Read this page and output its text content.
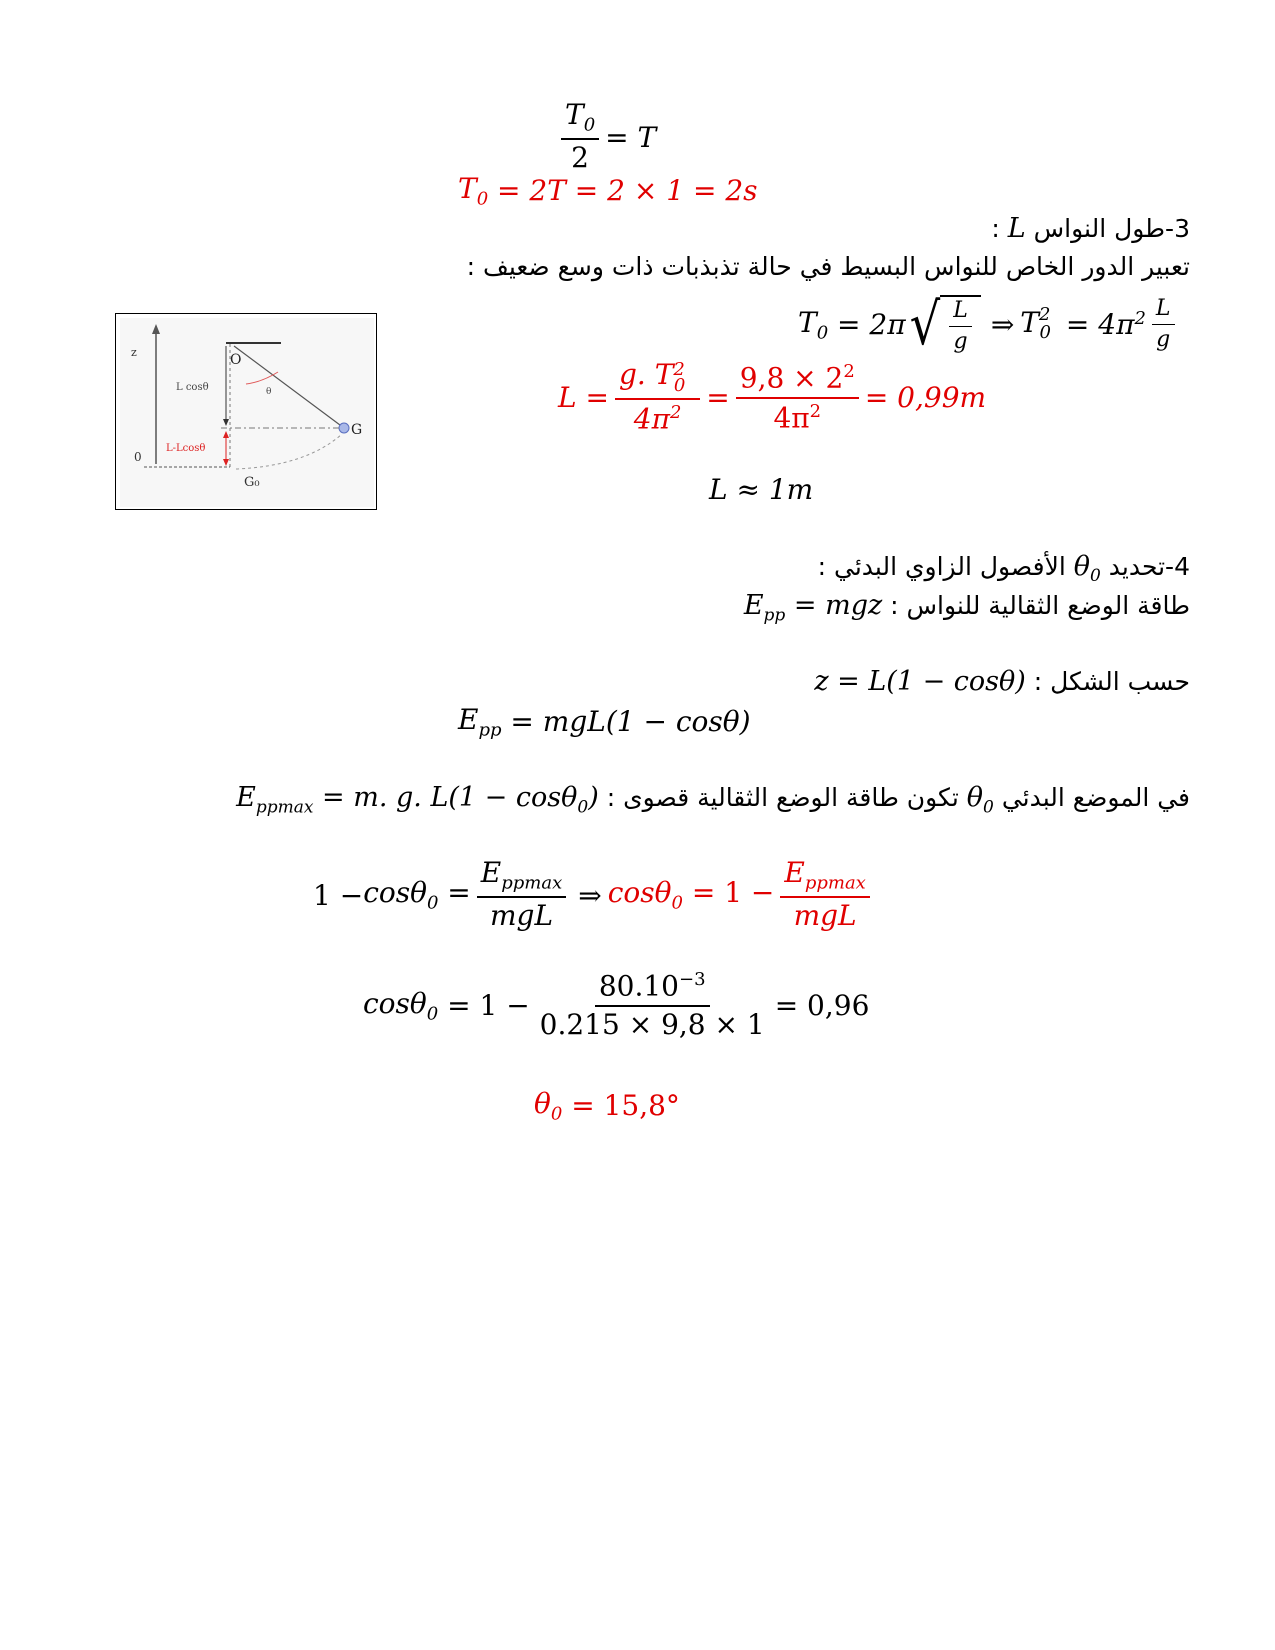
$\frac{T_0}{2} = T$
$T_0 = 2T = 2 \times 1 = 2s$
3-طول النواس L :
تعبير الدور الخاص للنواس البسيط في حالة تذبذبات ذات وسع ضعيف :
$T_0 = 2\pi$ √ $\frac{L}{g}$ ⇒ $T_{20} = 4\pi^2 \frac{L}{g}$
$L = \frac{g. T_{20}}{4\pi^2} = \frac{9,8 \times 2^2}{4\pi^2} = 0,99m$
L ≈ 1m
z
0
O
L cosθ	θ
G
L-Lcosθ
G₀
4-تحديد $\theta_0$ الأفصول الزاوي البدئي :
طاقة الوضع الثقالية للنواس : $E_{pp}$ = mgz
حسب الشكل : z = L(1 − cosθ)
$E_{pp} = mgL(1 - \cos\theta)$
في الموضع البدئي $\theta_0$ تكون طاقة الوضع الثقالية قصوى : $E_{ppmax} = m$. g. L(1 − cosθ$_0$)
$1 - \cos\theta_0 = \frac{E_{ppmax}}{\text{mgL}}$ ⇒ $\cos\theta_0 = 1 - \frac{E_{ppmax}}{\text{mgL}}$
$\cos\theta_0 = 1 - \frac{80.10^{-3}}{0.215 \times 9,8 \times 1} = 0,96$
$\theta_0$
= 15,8°
